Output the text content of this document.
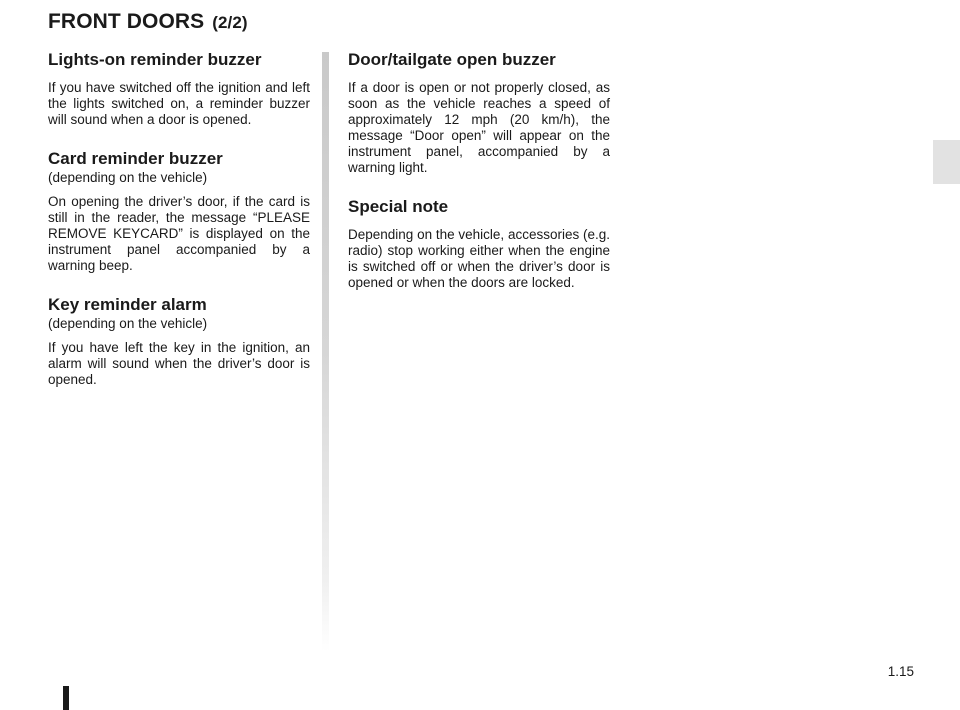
FRONT DOORS (2/2)
Lights-on reminder buzzer

If you have switched off the ignition and left the lights switched on, a reminder buzzer will sound when a door is opened.

Card reminder buzzer
(depending on the vehicle)

On opening the driver’s door, if the card is still in the reader, the message “PLEASE REMOVE KEYCARD” is displayed on the instrument panel accompanied by a warning beep.

Key reminder alarm
(depending on the vehicle)

If you have left the key in the ignition, an alarm will sound when the driver’s door is opened.

Door/tailgate open buzzer

If a door is open or not properly closed, as soon as the vehicle reaches a speed of approximately 12 mph (20 km/h), the message “Door open” will appear on the instrument panel, accompanied by a warning light.

Special note

Depending on the vehicle, accessories (e.g. radio) stop working either when the engine is switched off or when the driver’s door is opened or when the doors are locked.

1.15
